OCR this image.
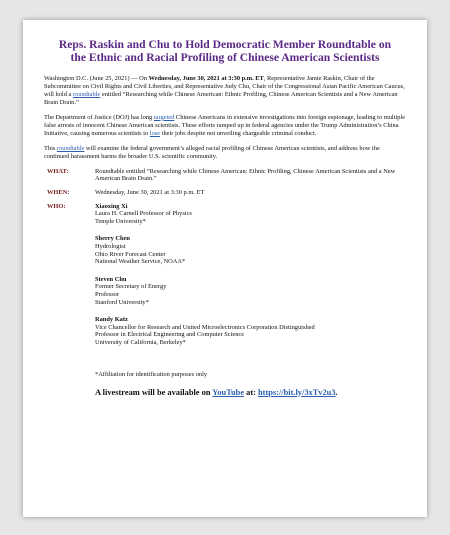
Reps. Raskin and Chu to Hold Democratic Member Roundtable on the Ethnic and Racial Profiling of Chinese American Scientists

Washington D.C. (June 25, 2021) — On Wednesday, June 30, 2021 at 3:30 p.m. ET, Representative Jamie Raskin, Chair of the Subcommittee on Civil Rights and Civil Liberties, and Representative Judy Chu, Chair of the Congressional Asian Pacific American Caucus, will hold a roundtable entitled “Researching while Chinese American: Ethnic Profiling, Chinese American Scientists and a New American Brain Drain.”

The Department of Justice (DOJ) has long targeted Chinese Americans in extensive investigations into foreign espionage, leading to multiple false arrests of innocent Chinese American scientists. These efforts ramped up in federal agencies under the Trump Administration’s China Initiative, causing numerous scientists to lose their jobs despite not unveiling chargeable criminal conduct.

This roundtable will examine the federal government’s alleged racial profiling of Chinese American scientists, and address how the continued harassment harms the broader U.S. scientific community.

WHAT:	Roundtable entitled “Researching while Chinese American: Ethnic Profiling, Chinese American Scientists and a New American Brain Drain.”
WHEN:	Wednesday, June 30, 2021 at 3:30 p.m. ET
WHO:	Xiaoxing Xi
Laura H. Carnell Professor of Physics
Temple University*
Sherry Chen
Hydrologist
Ohio River Forecast Center
National Weather Service, NOAA*
Steven Chu
Former Secretary of Energy
Professor
Stanford University*
Randy Katz
Vice Chancellor for Research and United Microelectronics Corporation Distinguished
Professor in Electrical Engineering and Computer Science
University of California, Berkeley*
*Affiliation for identification purposes only
A livestream will be available on YouTube at: https://bit.ly/3xTv2u3.
